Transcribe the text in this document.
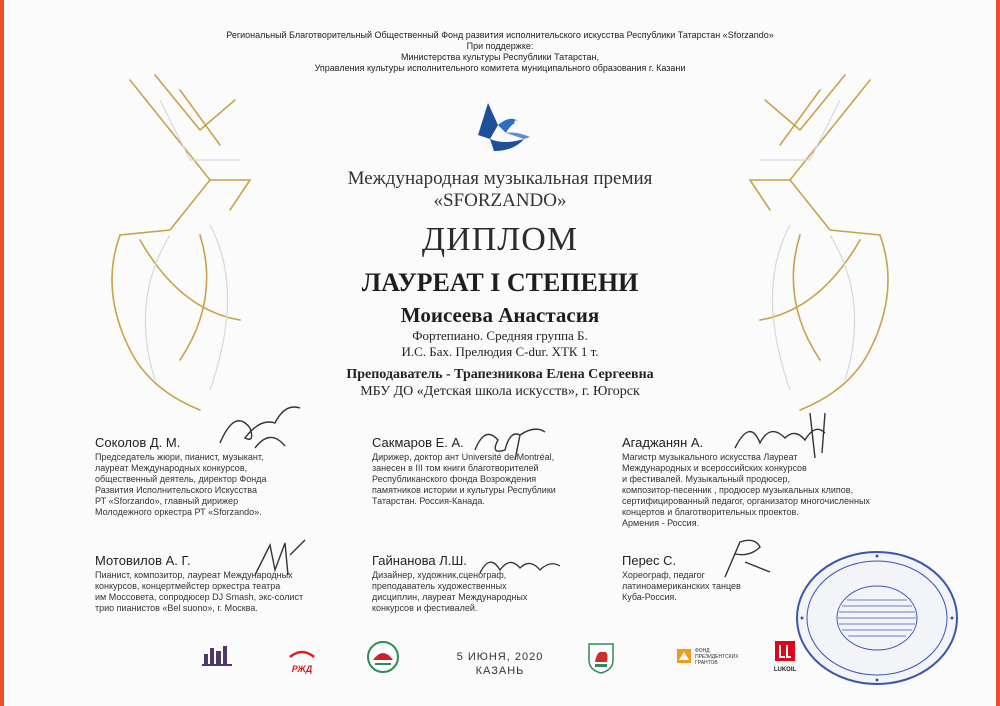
Региональный Благотворительный Общественный Фонд развития исполнительского искусства Республики Татарстан «Sforzando»
При поддержке:
Министерства культуры Республики Татарстан,
Управления культуры исполнительного комитета муниципального образования г. Казани
Международная музыкальная премия
«SFORZANDO»
ДИПЛОМ
ЛАУРЕАТ I СТЕПЕНИ
Моисеева Анастасия
Фортепиано. Средняя группа Б.
И.С. Бах. Прелюдия C-dur. ХТК 1 т.
Преподаватель - Трапезникова Елена Сергеевна
МБУ ДО «Детская школа искусств», г. Югорск
Соколов Д. М.
Председатель жюри, пианист, музыкант,
лауреат Международных конкурсов,
общественный деятель, директор Фонда
Развития Исполнительского Искусства
РТ «Sforzando», главный дирижер
Молодежного оркестра РТ «Sforzando».
Сакмаров Е. А.
Дирижер, доктор ант Université de Montréal,
занесен в III том книги благотворителей
Республиканского фонда Возрождения
памятников истории и культуры Республики
Татарстан. Россия-Канада.
Агаджанян А.
Магистр музыкального искусства Лауреат
Международных и всероссийских конкурсов
и фестивалей. Музыкальный продюсер,
композитор-песенник , продюсер музыкальных клипов,
сертифицированный педагог, организатор многочисленных
концертов и благотворительных проектов.
Армения - Россия.
Мотовилов А. Г.
Пианист, композитор, лауреат Международных
конкурсов, концертмейстер оркестра театра
им Моссовета, сопродюсер DJ Smash, экс-солист
трио пианистов «Bel suono», г. Москва.
Гайнанова Л.Ш.
Дизайнер, художник,сценограф,
преподаватель художественных
дисциплин, лауреат Международных
конкурсов и фестивалей.
Перес С.
Хореограф, педагог
латиноамериканских танцев
Куба-Россия.
РЖД
5 ИЮНЯ, 2020
КАЗАНЬ
ФОНД ПРЕЗИДЕНТСКИХ ГРАНТОВ
LUKOIL
